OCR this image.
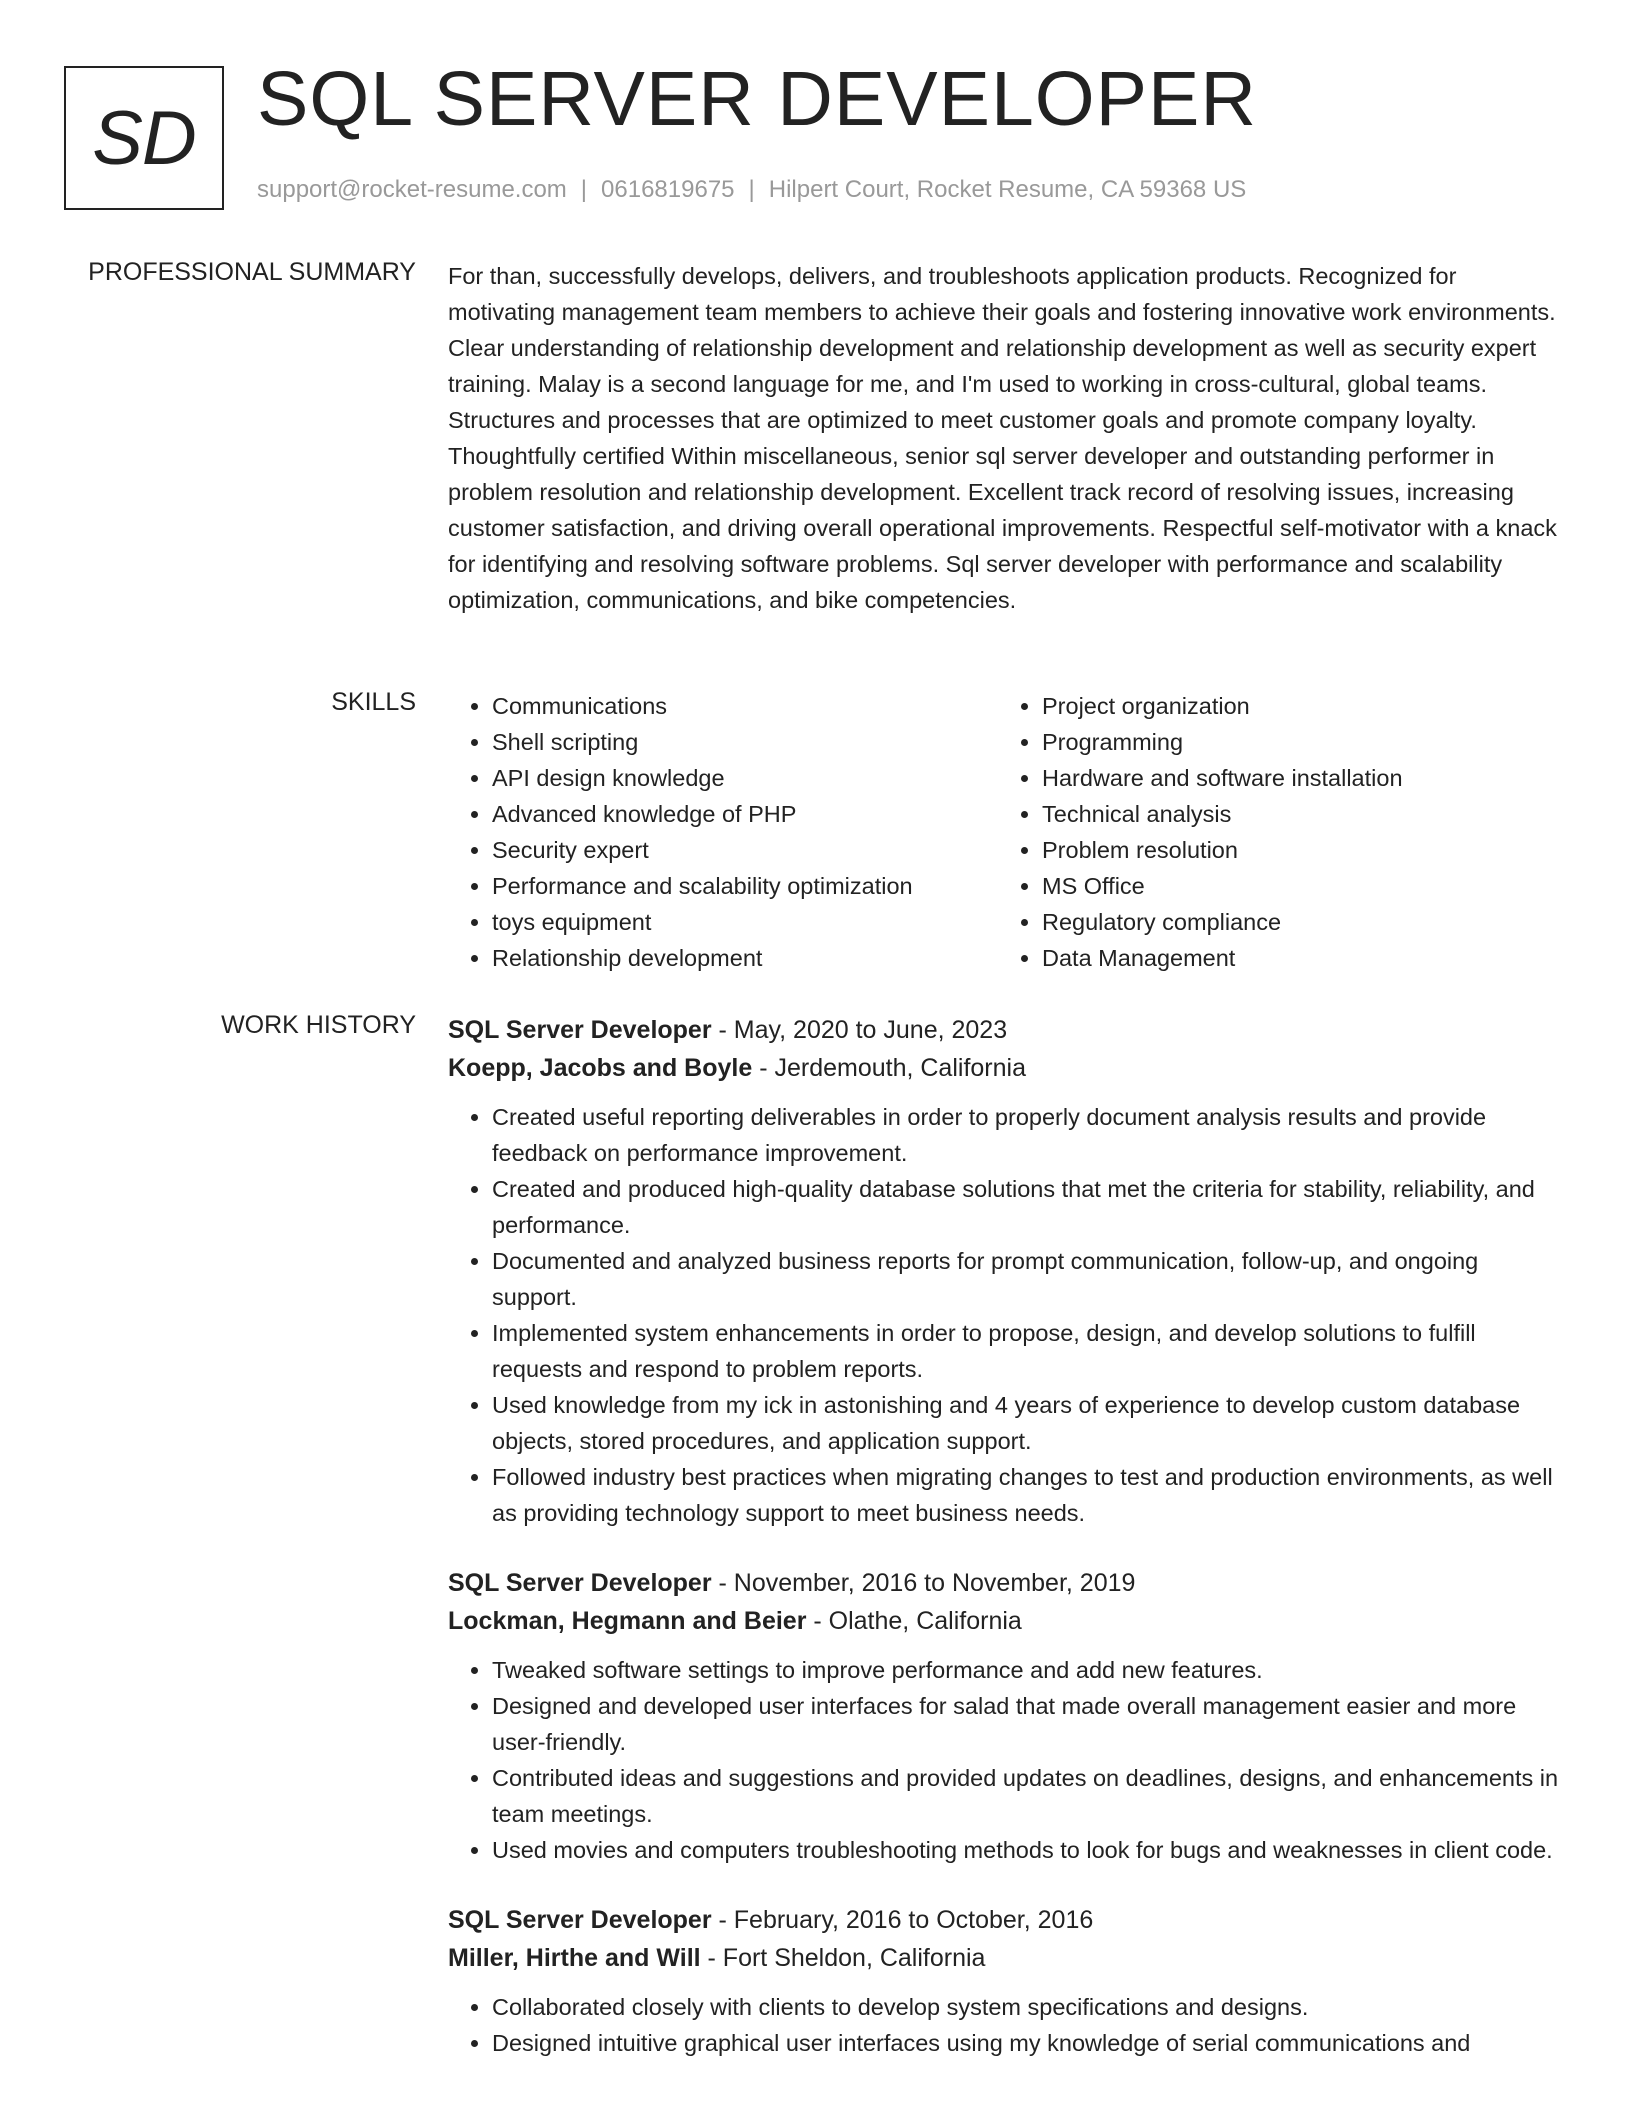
SD SQL SERVER DEVELOPER
support@rocket-resume.com | 0616819675 | Hilpert Court, Rocket Resume, CA 59368 US
PROFESSIONAL SUMMARY For than, successfully develops, delivers, and troubleshoots application products. Recognized for motivating management team members to achieve their goals and fostering innovative work environments. Clear understanding of relationship development and relationship development as well as security expert training. Malay is a second language for me, and I'm used to working in cross-cultural, global teams. Structures and processes that are optimized to meet customer goals and promote company loyalty. Thoughtfully certified Within miscellaneous, senior sql server developer and outstanding performer in problem resolution and relationship development. Excellent track record of resolving issues, increasing customer satisfaction, and driving overall operational improvements. Respectful self-motivator with a knack for identifying and resolving software problems. Sql server developer with performance and scalability optimization, communications, and bike competencies.
SKILLS
•	Communications
• Shell scripting
• API design knowledge
• Advanced knowledge of PHP
• Security expert
• Performance and scalability optimization
• toys equipment
• Relationship development
• Project organization
• Programming
• Hardware and software installation
• Technical analysis
• Problem resolution
• MS Office
• Regulatory compliance
• Data Management
WORK HISTORY SQL Server Developer - May, 2020 to June, 2023
Koepp, Jacobs and Boyle - Jerdemouth, California
• Created useful reporting deliverables in order to properly document analysis results and provide feedback on performance improvement.
• Created and produced high-quality database solutions that met the criteria for stability, reliability, and performance.
• Documented and analyzed business reports for prompt communication, follow-up, and ongoing support.
• Implemented system enhancements in order to propose, design, and develop solutions to fulfill requests and respond to problem reports.
• Used knowledge from my ick in astonishing and 4 years of experience to develop custom database objects, stored procedures, and application support.
• Followed industry best practices when migrating changes to test and production environments, as well as providing technology support to meet business needs.
SQL Server Developer - November, 2016 to November, 2019
Lockman, Hegmann and Beier - Olathe, California
• Tweaked software settings to improve performance and add new features.
• Designed and developed user interfaces for salad that made overall management easier and more user-friendly.
• Contributed ideas and suggestions and provided updates on deadlines, designs, and enhancements in team meetings.
• Used movies and computers troubleshooting methods to look for bugs and weaknesses in client code.
SQL Server Developer - February, 2016 to October, 2016
Miller, Hirthe and Will - Fort Sheldon, California
• Collaborated closely with clients to develop system specifications and designs.
• Designed intuitive graphical user interfaces using my knowledge of serial communications and
